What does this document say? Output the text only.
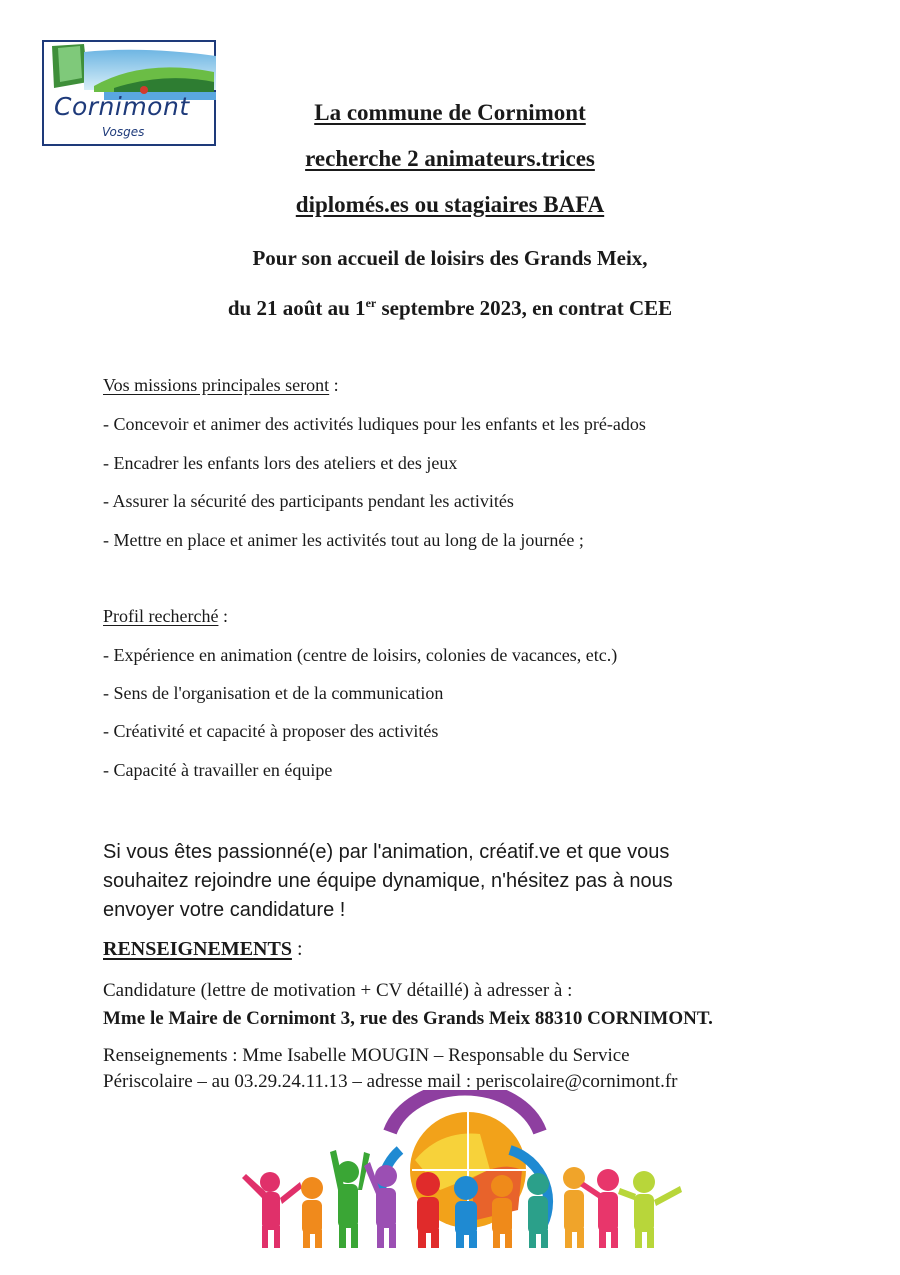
Cornimont
Vosges
La commune de Cornimont
recherche 2 animateurs.trices
diplomés.es ou stagiaires BAFA
Pour son accueil de loisirs des Grands Meix,
du 21 août au 1er septembre 2023, en contrat CEE
Vos missions principales seront :
- Concevoir et animer des activités ludiques pour les enfants et les pré-ados
- Encadrer les enfants lors des ateliers et des jeux
- Assurer la sécurité des participants pendant les activités
- Mettre en place et animer les activités tout au long de la journée ;
Profil recherché :
- Expérience en animation (centre de loisirs, colonies de vacances, etc.)
- Sens de l'organisation et de la communication
- Créativité et capacité à proposer des activités
- Capacité à travailler en équipe
Si vous êtes passionné(e) par l'animation, créatif.ve et que vous souhaitez rejoindre une équipe dynamique, n'hésitez pas à nous envoyer votre candidature !
RENSEIGNEMENTS :
Candidature (lettre de motivation + CV détaillé) à adresser à :
Mme le Maire de Cornimont 3, rue des Grands Meix 88310 CORNIMONT.
Renseignements : Mme Isabelle MOUGIN – Responsable du Service
Périscolaire – au 03.29.24.11.13 – adresse mail : periscolaire@cornimont.fr
